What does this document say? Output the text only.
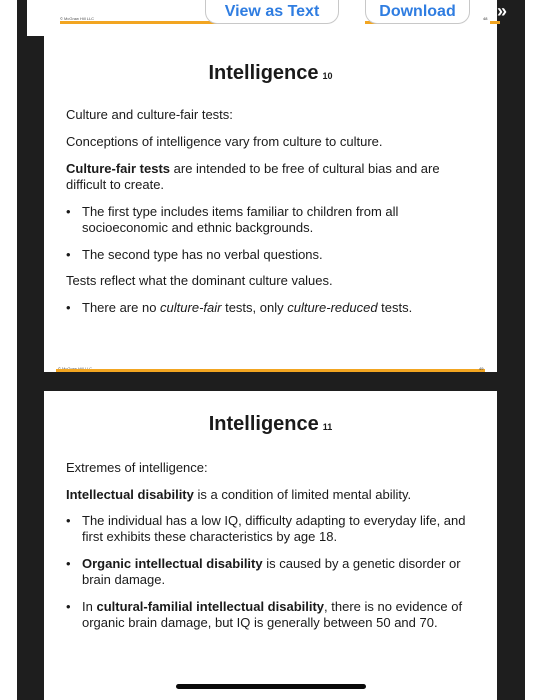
© McGraw Hill LLC	48
View as Text	Download	»
Intelligence 10
Culture and culture-fair tests:
Conceptions of intelligence vary from culture to culture.
Culture-fair tests are intended to be free of cultural bias and are difficult to create.
• The first type includes items familiar to children from all socioeconomic and ethnic backgrounds.
• The second type has no verbal questions.
Tests reflect what the dominant culture values.
• There are no culture-fair tests, only culture-reduced tests.
49
Intelligence 11
Extremes of intelligence:
Intellectual disability is a condition of limited mental ability.
• The individual has a low IQ, difficulty adapting to everyday life, and first exhibits these characteristics by age 18.
• Organic intellectual disability is caused by a genetic disorder or brain damage.
• In cultural-familial intellectual disability, there is no evidence of organic brain damage, but IQ is generally between 50 and 70.
